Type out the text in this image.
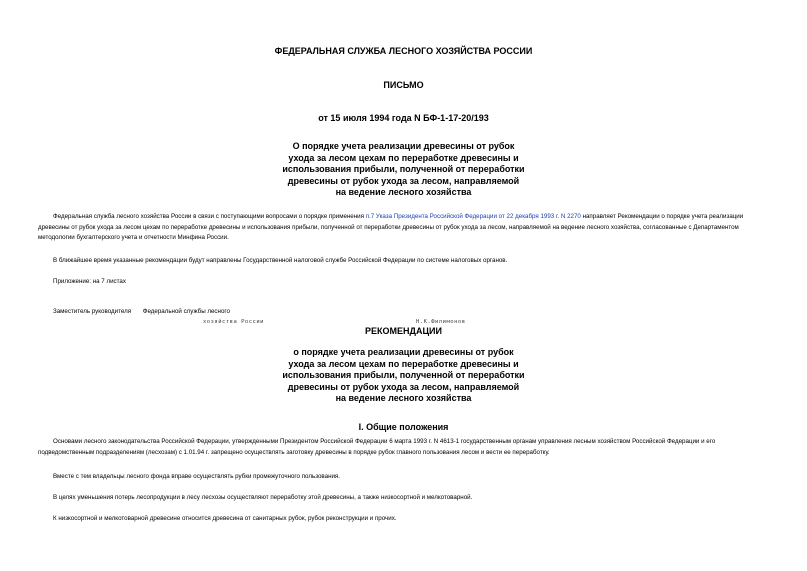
ФЕДЕРАЛЬНАЯ СЛУЖБА ЛЕСНОГО ХОЗЯЙСТВА РОССИИ
ПИСЬМО
от 15 июля 1994 года N БФ-1-17-20/193
О порядке учета реализации древесины от рубок
ухода за лесом цехам по переработке древесины и
использования прибыли, полученной от переработки
древесины от рубок ухода за лесом, направляемой
на ведение лесного хозяйства

Федеральная служба лесного хозяйства России в связи с поступающими вопросами о порядке применения п.7 Указа Президента Российской Федерации от 22 декабря 1993 г. N 2270 направляет Рекомендации о порядке учета реализации древесины от рубок ухода за лесом цехам по переработке древесины и использования прибыли, полученной от переработки древесины от рубок ухода за лесом, направляемой на ведение лесного хозяйства, согласованные с Департаментом методологии бухгалтерского учета и отчетности Минфина России.

В ближайшее время указанные рекомендации будут направлены Государственной налоговой службе Российской Федерации по системе налоговых органов.

Приложение: на 7 листах

Заместитель руководителя Федеральной службы лесного
хозяйства России	Н.К.Филимонов
РЕКОМЕНДАЦИИ
о порядке учета реализации древесины от рубок
ухода за лесом цехам по переработке древесины и
использования прибыли, полученной от переработки
древесины от рубок ухода за лесом, направляемой
на ведение лесного хозяйства
I. Общие положения

Основами лесного законодательства Российской Федерации, утвержденными Президентом Российской Федерации 6 марта 1993 г. N 4613-1 государственным органам управления лесным хозяйством Российской Федерации и его подведомственным подразделениям (лесхозам) с 1.01.94 г. запрещено осуществлять заготовку древесины в порядке рубок главного пользования лесом и вести ее переработку.

Вместе с тем владельцы лесного фонда вправе осуществлять рубки промежуточного пользования.

В целях уменьшения потерь лесопродукции в лесу лесхозы осуществляют переработку этой древесины, а также низкосортной и мелкотоварной.

К низкосортной и мелкотоварной древесине относится древесина от санитарных рубок, рубок реконструкции и прочих.
